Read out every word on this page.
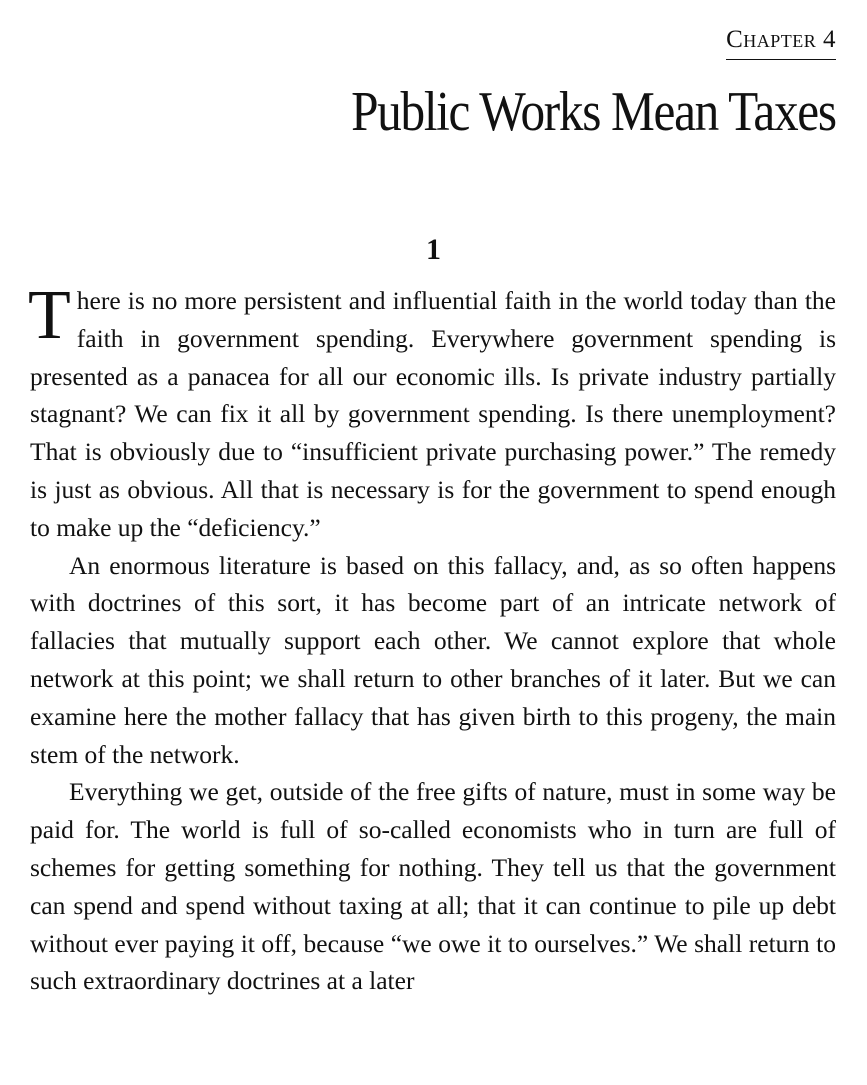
Chapter 4
Public Works Mean Taxes
1

There is no more persistent and influential faith in the world today than the faith in government spending. Everywhere government spending is presented as a panacea for all our economic ills. Is private industry partially stagnant? We can fix it all by government spending. Is there unemployment? That is obviously due to “insufficient private purchasing power.” The remedy is just as obvious. All that is necessary is for the government to spend enough to make up the “deficiency.”

An enormous literature is based on this fallacy, and, as so often happens with doctrines of this sort, it has become part of an intricate network of fallacies that mutually support each other. We cannot explore that whole network at this point; we shall return to other branches of it later. But we can examine here the mother fallacy that has given birth to this progeny, the main stem of the network.

Everything we get, outside of the free gifts of nature, must in some way be paid for. The world is full of so-called economists who in turn are full of schemes for getting something for nothing. They tell us that the government can spend and spend without taxing at all; that it can continue to pile up debt without ever paying it off, because “we owe it to ourselves.” We shall return to such extraordinary doctrines at a later
